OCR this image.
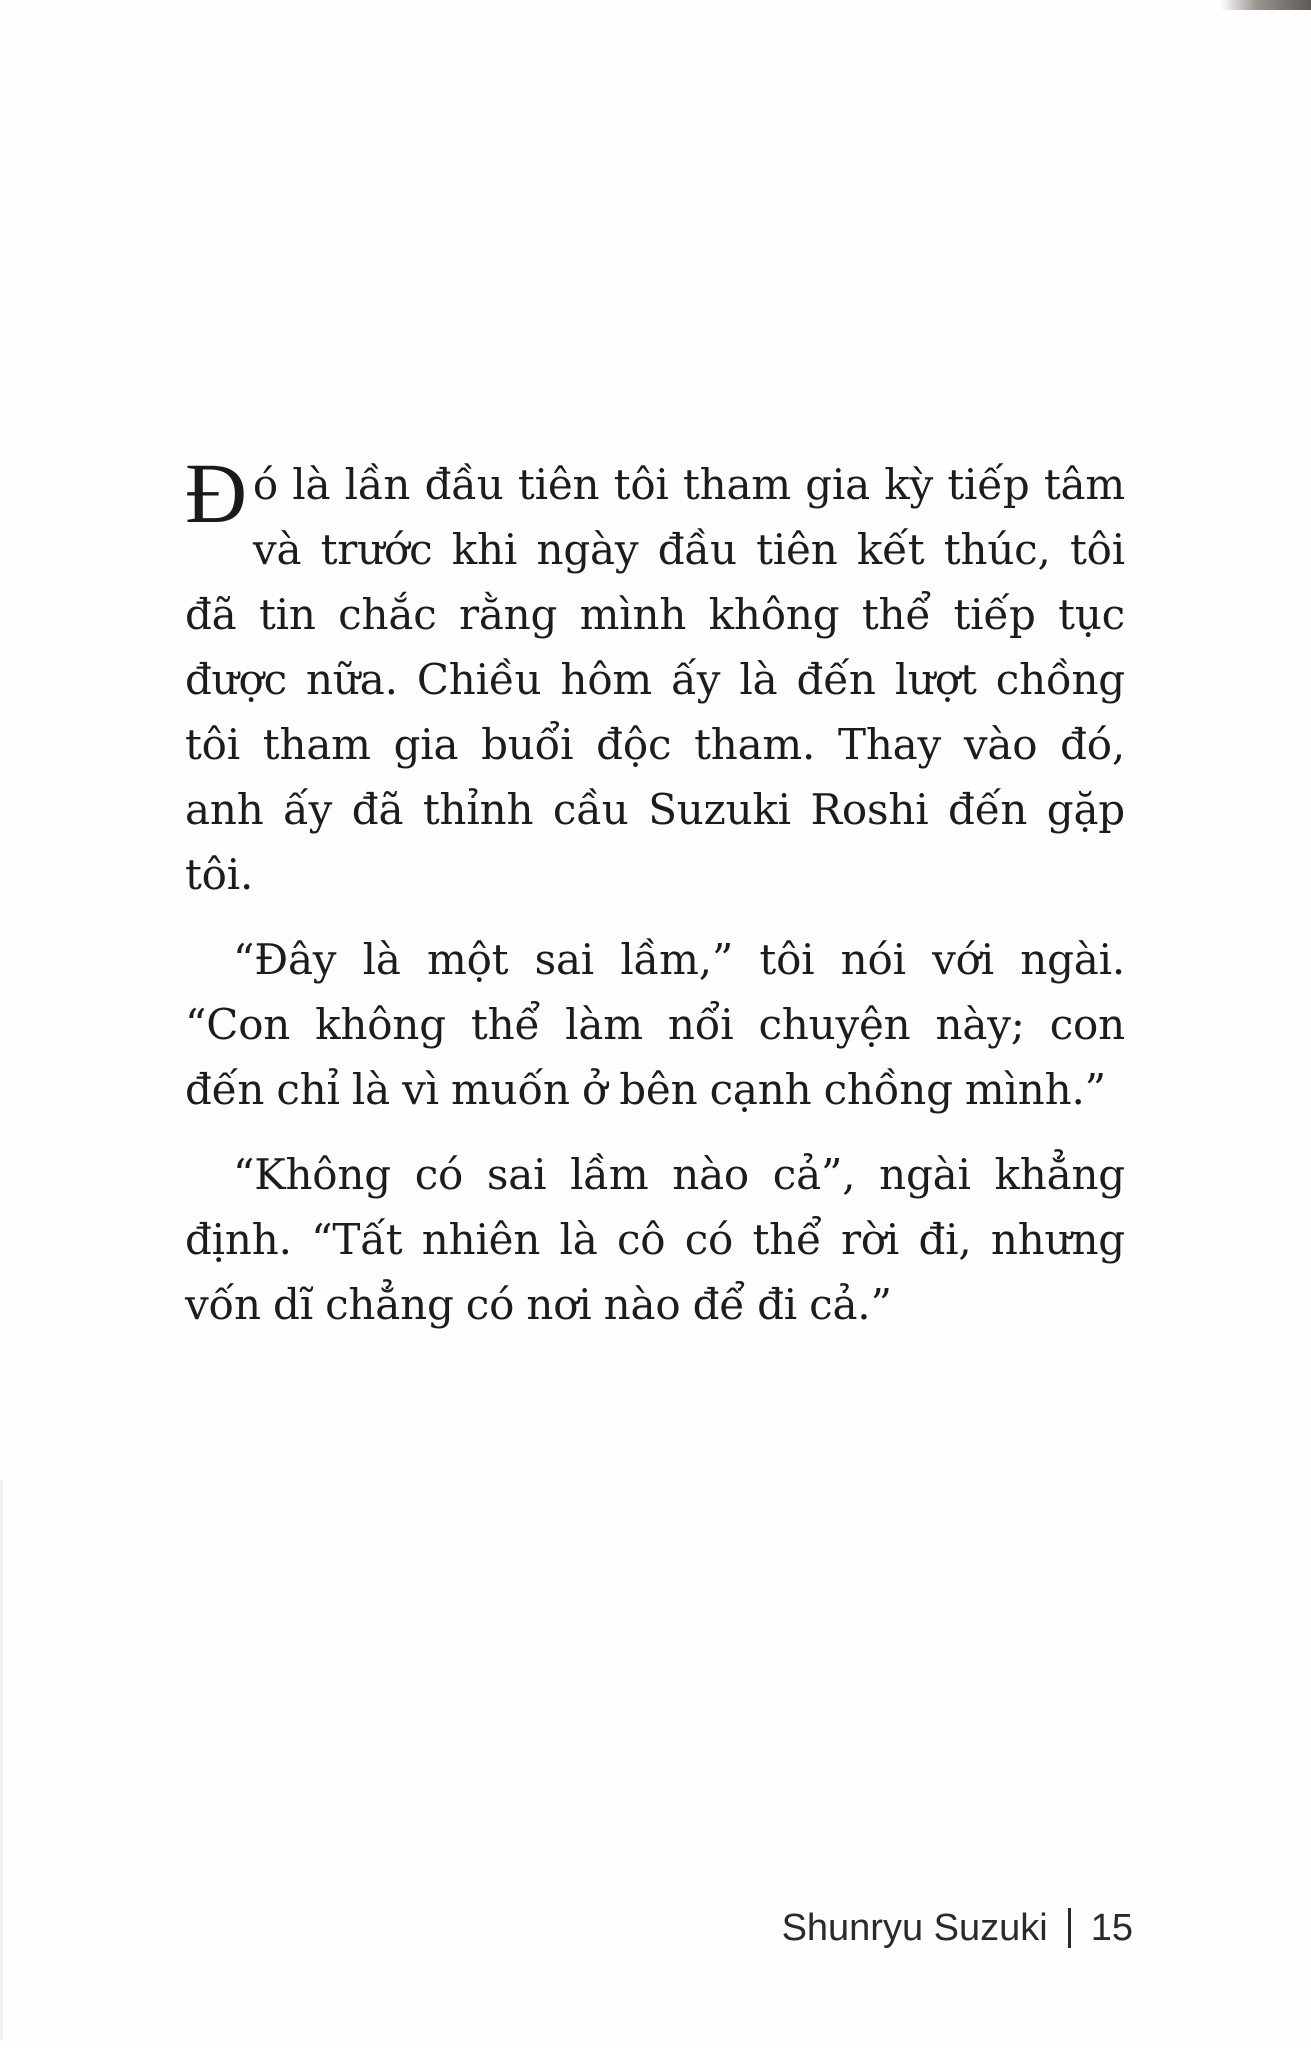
Đó là lần đầu tiên tôi tham gia kỳ tiếp tâm và trước khi ngày đầu tiên kết thúc, tôi đã tin chắc rằng mình không thể tiếp tục được nữa. Chiều hôm ấy là đến lượt chồng tôi tham gia buổi độc tham. Thay vào đó, anh ấy đã thỉnh cầu Suzuki Roshi đến gặp tôi.

“Đây là một sai lầm,” tôi nói với ngài. “Con không thể làm nổi chuyện này; con đến chỉ là vì muốn ở bên cạnh chồng mình.”

“Không có sai lầm nào cả”, ngài khẳng định. “Tất nhiên là cô có thể rời đi, nhưng vốn dĩ chẳng có nơi nào để đi cả.”

Shunryu Suzuki 15
